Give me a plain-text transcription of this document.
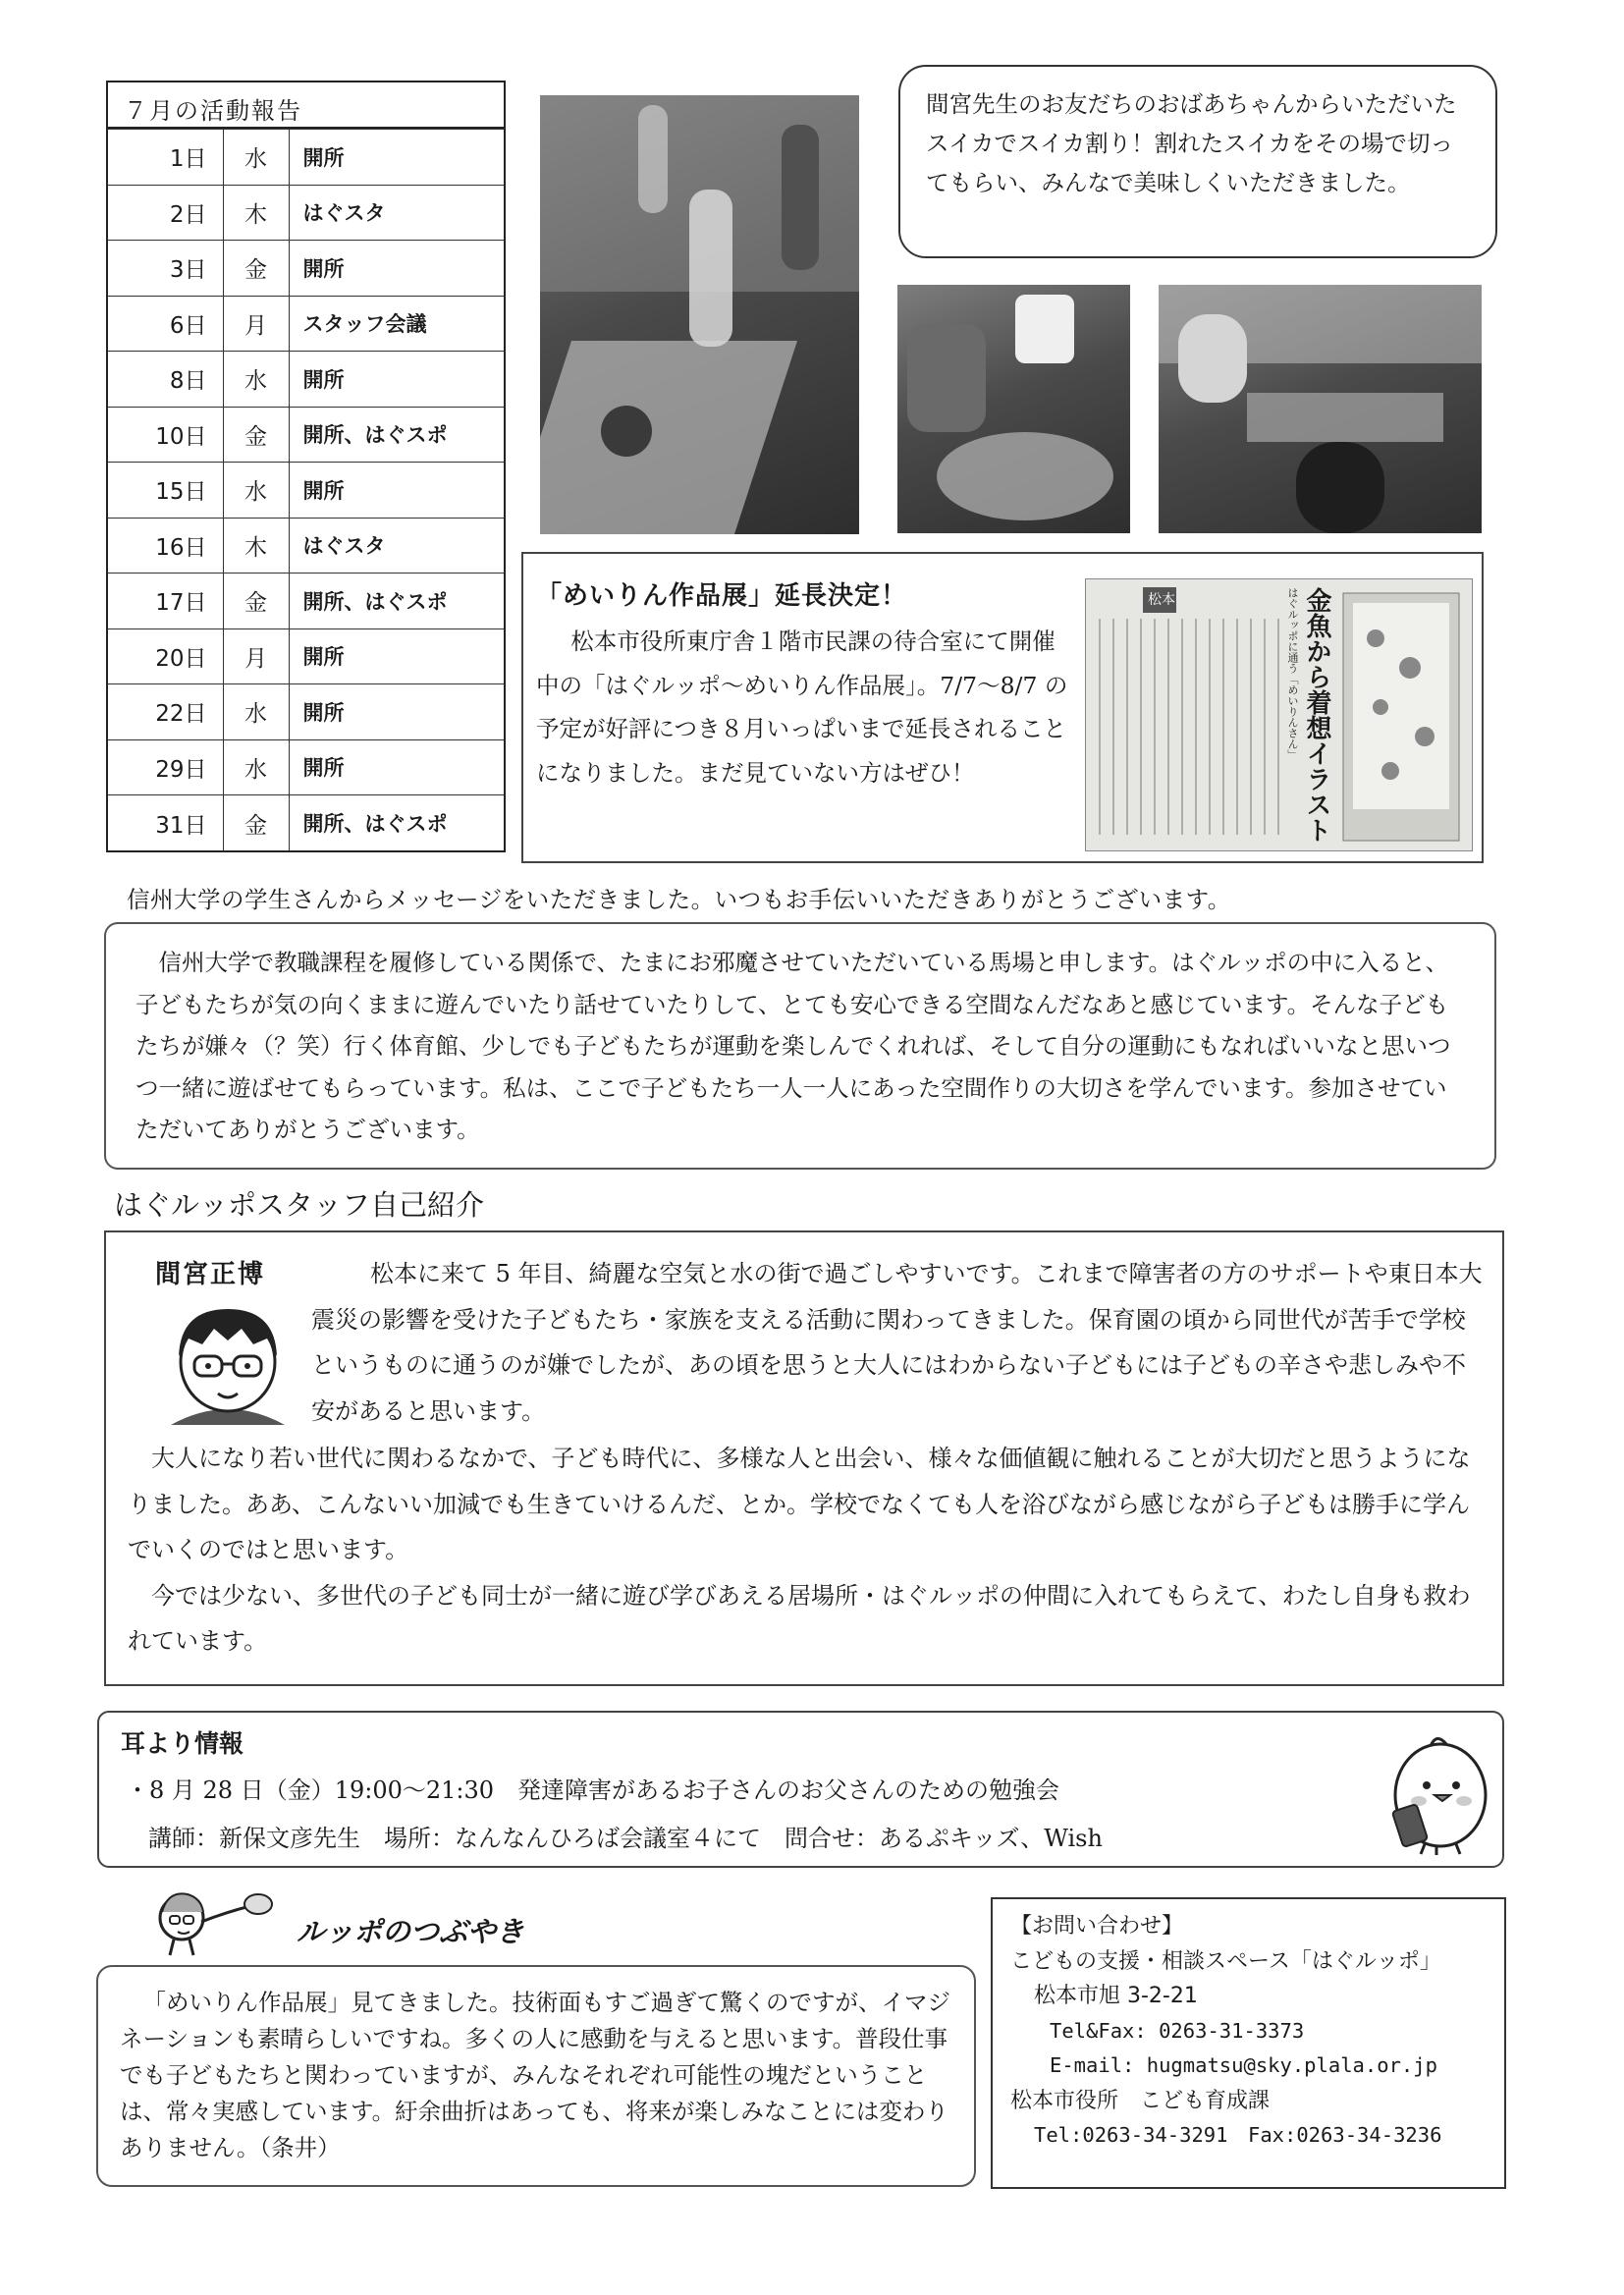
７月の活動報告
1日	水	開所
2日	木	はぐスタ
3日	金	開所
6日	月	スタッフ会議
8日	水	開所
10日	金	開所、はぐスポ
15日	水	開所
16日	木	はぐスタ
17日	金	開所、はぐスポ
20日	月	開所
22日	水	開所
29日	水	開所
31日	金	開所、はぐスポ
間宮先生のお友だちのおばあちゃんからいただいたスイカでスイカ割り！割れたスイカをその場で切ってもらい、みんなで美味しくいただきました。
「めいりん作品展」延長決定！
松本市役所東庁舎１階市民課の待合室にて開催中の「はぐルッポ～めいりん作品展」。7/7～8/7 の予定が好評につき８月いっぱいまで延長されることになりました。まだ見ていない方はぜひ！
松本	金魚から着想イラスト
はぐルッポに通う「めいりんさん」
信州大学の学生さんからメッセージをいただきました。いつもお手伝いいただきありがとうございます。
信州大学で教職課程を履修している関係で、たまにお邪魔させていただいている馬場と申します。はぐルッポの中に入ると、子どもたちが気の向くままに遊んでいたり話せていたりして、とても安心できる空間なんだなあと感じています。そんな子どもたちが嫌々（？笑）行く体育館、少しでも子どもたちが運動を楽しんでくれれば、そして自分の運動にもなればいいなと思いつつ一緒に遊ばせてもらっています。私は、ここで子どもたち一人一人にあった空間作りの大切さを学んでいます。参加させていただいてありがとうございます。
はぐルッポスタッフ自己紹介
間宮正博	松本に来て 5 年目、綺麗な空気と水の街で過ごしやすいです。これまで障害者の方のサポートや東日本大震災の影響を受けた子どもたち・家族を支える活動に関わってきました。保育園の頃から同世代が苦手で学校というものに通うのが嫌でしたが、あの頃を思うと大人にはわからない子どもには子どもの辛さや悲しみや不安があると思います。
大人になり若い世代に関わるなかで、子ども時代に、多様な人と出会い、様々な価値観に触れることが大切だと思うようになりました。ああ、こんないい加減でも生きていけるんだ、とか。学校でなくても人を浴びながら感じながら子どもは勝手に学んでいくのではと思います。
今では少ない、多世代の子ども同士が一緒に遊び学びあえる居場所・はぐルッポの仲間に入れてもらえて、わたし自身も救われています。
耳より情報
・8 月 28 日（金）19:00～21:30　発達障害があるお子さんのお父さんのための勉強会
講師：新保文彦先生　場所：なんなんひろば会議室４にて　問合せ：あるぷキッズ、Wish
ルッポのつぶやき
「めいりん作品展」見てきました。技術面もすご過ぎて驚くのですが、イマジネーションも素晴らしいですね。多くの人に感動を与えると思います。普段仕事でも子どもたちと関わっていますが、みんなそれぞれ可能性の塊だということは、常々実感しています。紆余曲折はあっても、将来が楽しみなことには変わりありません。（条井）
【お問い合わせ】
こどもの支援・相談スペース「はぐルッポ」
松本市旭 3-2-21
Tel&Fax: 0263-31-3373
E-mail: hugmatsu@sky.plala.or.jp
松本市役所　こども育成課
Tel:0263-34-3291　Fax:0263-34-3236
